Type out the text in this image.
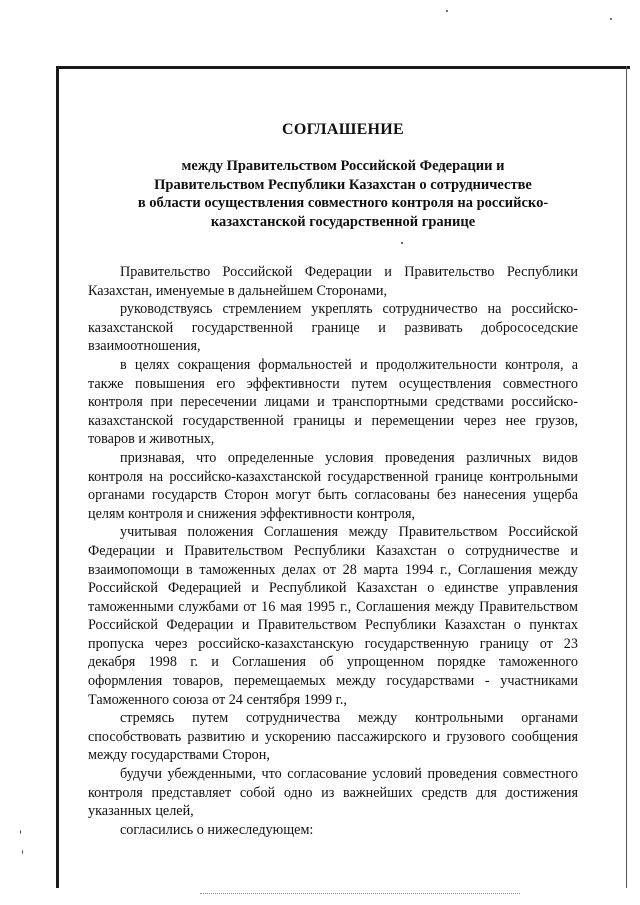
СОГЛАШЕНИЕ
между Правительством Российской Федерации и
Правительством Республики Казахстан о сотрудничестве
в области осуществления совместного контроля на российско-
казахстанской государственной границе

Правительство Российской Федерации и Правительство Республики Казахстан, именуемые в дальнейшем Сторонами,

руководствуясь стремлением укреплять сотрудничество на российско-казахстанской государственной границе и развивать добрососедские взаимоотношения,

в целях сокращения формальностей и продолжительности контроля, а также повышения его эффективности путем осуществления совместного контроля при пересечении лицами и транспортными средствами российско-казахстанской государственной границы и перемещении через нее грузов, товаров и животных,

признавая, что определенные условия проведения различных видов контроля на российско-казахстанской государственной границе контрольными органами государств Сторон могут быть согласованы без нанесения ущерба целям контроля и снижения эффективности контроля,

учитывая положения Соглашения между Правительством Российской Федерации и Правительством Республики Казахстан о сотрудничестве и взаимопомощи в таможенных делах от 28 марта 1994 г., Соглашения между Российской Федерацией и Республикой Казахстан о единстве управления таможенными службами от 16 мая 1995 г., Соглашения между Правительством Российской Федерации и Правительством Республики Казахстан о пунктах пропуска через российско-казахстанскую государственную границу от 23 декабря 1998 г. и Соглашения об упрощенном порядке таможенного оформления товаров, перемещаемых между государствами - участниками Таможенного союза от 24 сентября 1999 г.,

стремясь путем сотрудничества между контрольными органами способствовать развитию и ускорению пассажирского и грузового сообщения между государствами Сторон,

будучи убежденными, что согласование условий проведения совместного контроля представляет собой одно из важнейших средств для достижения указанных целей,

согласились о нижеследующем:
